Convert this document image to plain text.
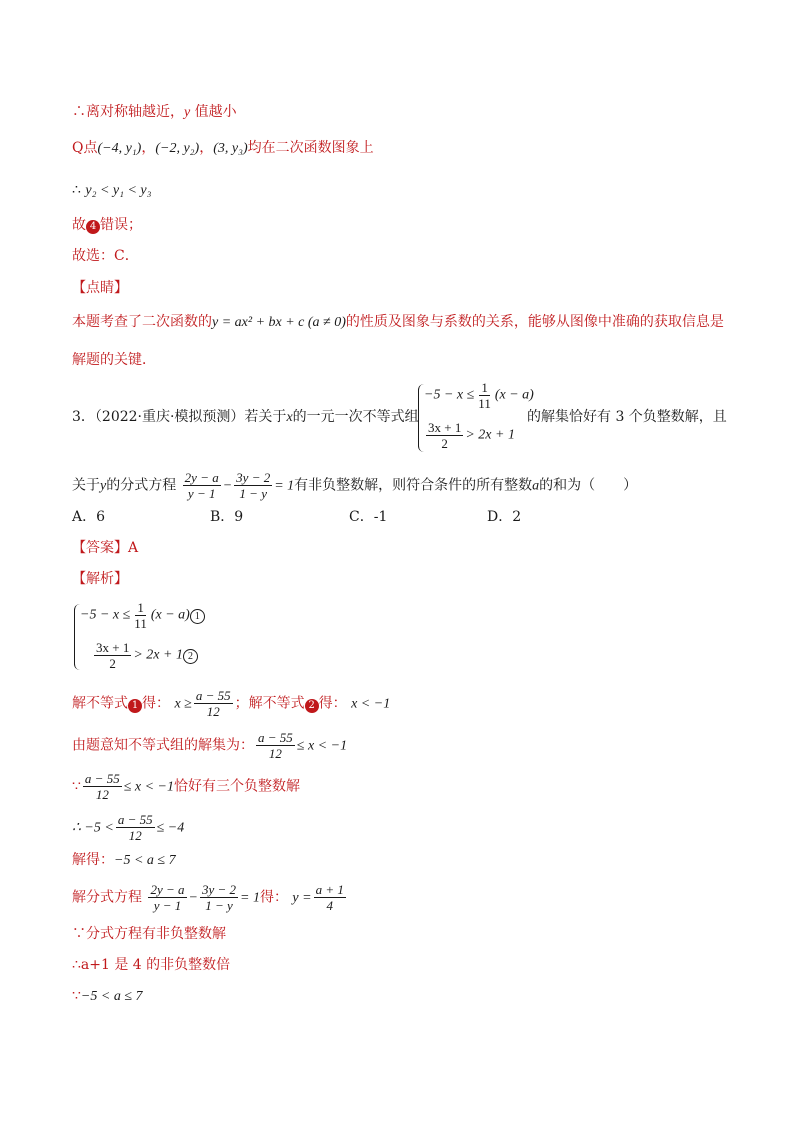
∴离对称轴越近，y 值越小
Q点(−4, y₁)，(−2, y₂)，(3, y₃)均在二次函数图象上
∴ y₂ < y₁ < y₃
故 4 错误；
故选：C．
【点睛】
本题考查了二次函数的y = ax² + bx + c (a ≠ 0)的性质及图象与系数的关系，能够从图像中准确的获取信息是
解题的关键．
3．（2022·重庆·模拟预测）若关于x的一元一次不等式组
$-5 - x \le \frac{1}{11} (x - a)$
$\frac{3x + 1}{2} > 2x + 1$
的解集恰好有 3 个负整数解，且
关于y的分式方程 $\frac{2y - a}{y - 1} - \frac{3y - 2}{1 - y} = 1$有非负整数解，则符合条件的所有整数a的和为（　　）
A．6	B．9	C．-1	D．2
【答案】A
【解析】
$-5 - x \le \frac{1}{11} (x - a)$ 1
$\frac{3x + 1}{2} > 2x + 1$ 2
解不等式 1 得： $x \ge \frac{a - 55}{12}$ ；解不等式 2 得： x < −1
由题意知不等式组的解集为： $\frac{a - 55}{12} \le x < -1$
∵ $\frac{a - 55}{12} \le x < -1$恰好有三个负整数解
∴ $-5 < \frac{a - 55}{12} \le -4$
解得：−5 < a ≤ 7
解分式方程 $\frac{2y - a}{y - 1} - \frac{3y - 2}{1 - y} = 1$得： $y = \frac{a + 1}{4}$
∵分式方程有非负整数解
∴a+1 是 4 的非负整数倍
∵−5 < a ≤ 7
